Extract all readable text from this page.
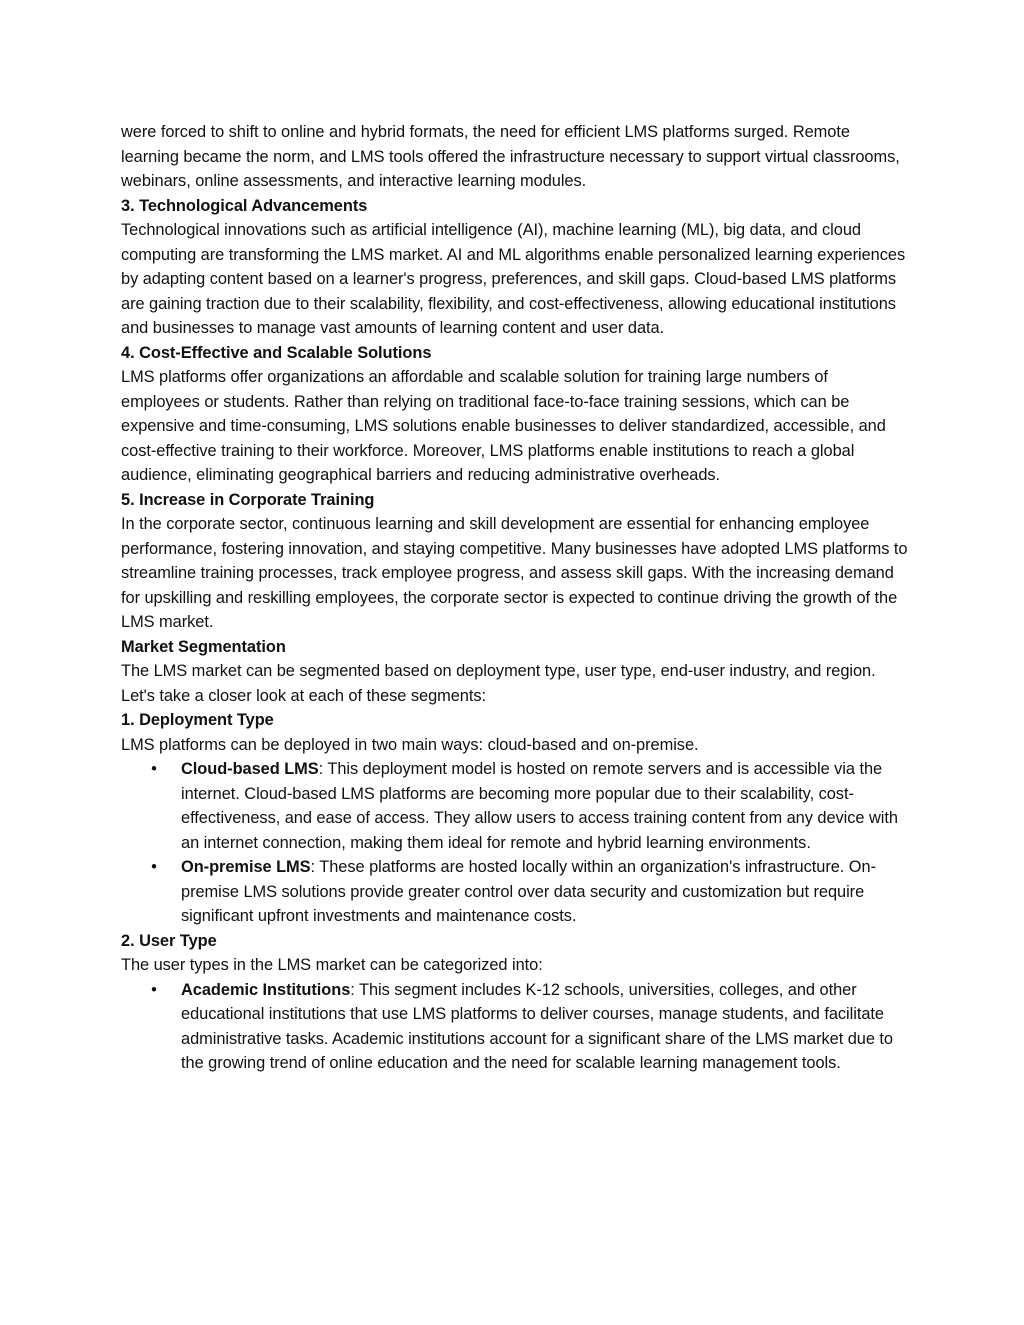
were forced to shift to online and hybrid formats, the need for efficient LMS platforms surged. Remote learning became the norm, and LMS tools offered the infrastructure necessary to support virtual classrooms, webinars, online assessments, and interactive learning modules.

3. Technological Advancements

Technological innovations such as artificial intelligence (AI), machine learning (ML), big data, and cloud computing are transforming the LMS market. AI and ML algorithms enable personalized learning experiences by adapting content based on a learner's progress, preferences, and skill gaps. Cloud-based LMS platforms are gaining traction due to their scalability, flexibility, and cost-effectiveness, allowing educational institutions and businesses to manage vast amounts of learning content and user data.

4. Cost-Effective and Scalable Solutions

LMS platforms offer organizations an affordable and scalable solution for training large numbers of employees or students. Rather than relying on traditional face-to-face training sessions, which can be expensive and time-consuming, LMS solutions enable businesses to deliver standardized, accessible, and cost-effective training to their workforce. Moreover, LMS platforms enable institutions to reach a global audience, eliminating geographical barriers and reducing administrative overheads.

5. Increase in Corporate Training

In the corporate sector, continuous learning and skill development are essential for enhancing employee performance, fostering innovation, and staying competitive. Many businesses have adopted LMS platforms to streamline training processes, track employee progress, and assess skill gaps. With the increasing demand for upskilling and reskilling employees, the corporate sector is expected to continue driving the growth of the LMS market.

Market Segmentation

The LMS market can be segmented based on deployment type, user type, end-user industry, and region. Let's take a closer look at each of these segments:

1. Deployment Type

LMS platforms can be deployed in two main ways: cloud-based and on-premise.

• Cloud-based LMS: This deployment model is hosted on remote servers and is accessible via the internet. Cloud-based LMS platforms are becoming more popular due to their scalability, cost-effectiveness, and ease of access. They allow users to access training content from any device with an internet connection, making them ideal for remote and hybrid learning environments.
• On-premise LMS: These platforms are hosted locally within an organization's infrastructure. On-premise LMS solutions provide greater control over data security and customization but require significant upfront investments and maintenance costs.
2. User Type

The user types in the LMS market can be categorized into:

• Academic Institutions: This segment includes K-12 schools, universities, colleges, and other educational institutions that use LMS platforms to deliver courses, manage students, and facilitate administrative tasks. Academic institutions account for a significant share of the LMS market due to the growing trend of online education and the need for scalable learning management tools.
